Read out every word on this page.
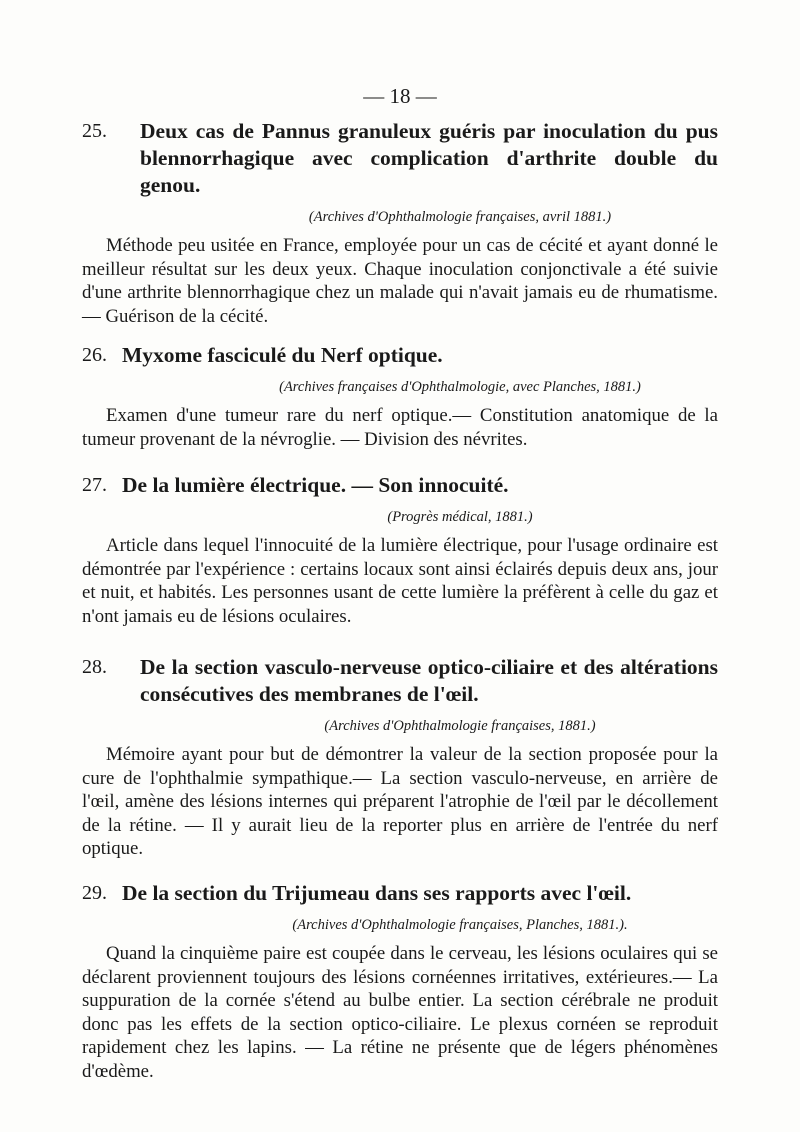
— 18 —
25. Deux cas de Pannus granuleux guéris par inoculation du pus blennorrhagique avec complication d'arthrite double du genou.
(Archives d'Ophthalmologie françaises, avril 1881.)
Méthode peu usitée en France, employée pour un cas de cécité et ayant donné le meilleur résultat sur les deux yeux. Chaque inoculation conjonctivale a été suivie d'une arthrite blennorrhagique chez un malade qui n'avait jamais eu de rhumatisme. — Guérison de la cécité.
26. Myxome fasciculé du Nerf optique.
(Archives françaises d'Ophthalmologie, avec Planches, 1881.)
Examen d'une tumeur rare du nerf optique.— Constitution anatomique de la tumeur provenant de la névroglie. — Division des névrites.
27. De la lumière électrique. — Son innocuité.
(Progrès médical, 1881.)
Article dans lequel l'innocuité de la lumière électrique, pour l'usage ordinaire est démontrée par l'expérience : certains locaux sont ainsi éclairés depuis deux ans, jour et nuit, et habités. Les personnes usant de cette lumière la préfèrent à celle du gaz et n'ont jamais eu de lésions oculaires.
28. De la section vasculo-nerveuse optico-ciliaire et des altérations consécutives des membranes de l'œil.
(Archives d'Ophthalmologie françaises, 1881.)
Mémoire ayant pour but de démontrer la valeur de la section proposée pour la cure de l'ophthalmie sympathique.— La section vasculo-nerveuse, en arrière de l'œil, amène des lésions internes qui préparent l'atrophie de l'œil par le décollement de la rétine. — Il y aurait lieu de la reporter plus en arrière de l'entrée du nerf optique.
29. De la section du Trijumeau dans ses rapports avec l'œil.
(Archives d'Ophthalmologie françaises, Planches, 1881.).
Quand la cinquième paire est coupée dans le cerveau, les lésions oculaires qui se déclarent proviennent toujours des lésions cornéennes irritatives, extérieures.— La suppuration de la cornée s'étend au bulbe entier. La section cérébrale ne produit donc pas les effets de la section optico-ciliaire. Le plexus cornéen se reproduit rapidement chez les lapins. — La rétine ne présente que de légers phénomènes d'œdème.
